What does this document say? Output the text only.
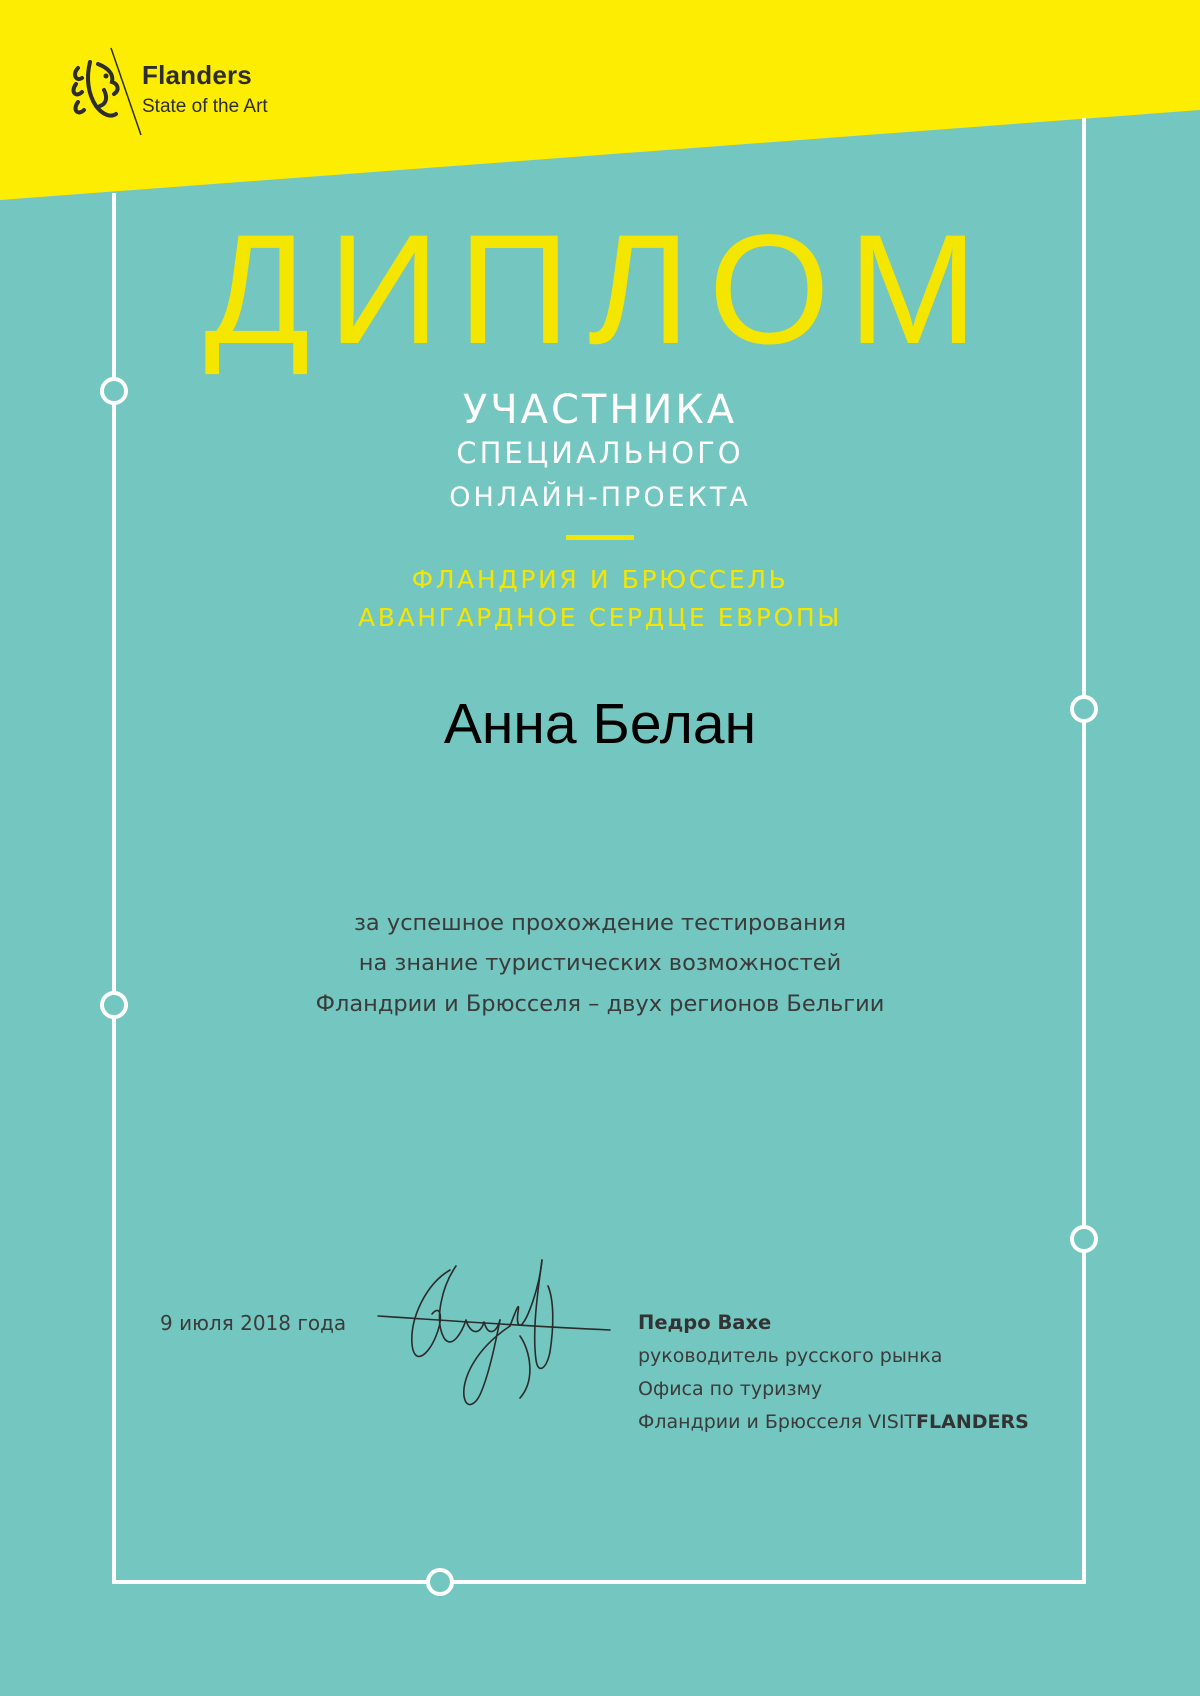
Flanders
State of the Art
ДИПЛОМ
УЧАСТНИКА
СПЕЦИАЛЬНОГО
ОНЛАЙН-ПРОЕКТА
ФЛАНДРИЯ И БРЮССЕЛЬ
АВАНГАРДНОЕ СЕРДЦЕ ЕВРОПЫ
Анна Белан
за успешное прохождение тестирования
на знание туристических возможностей
Фландрии и Брюсселя – двух регионов Бельгии
9 июля 2018 года	Педро Вахе
руководитель русского рынка
Офиса по туризму
Фландрии и Брюсселя VISITFLANDERS
